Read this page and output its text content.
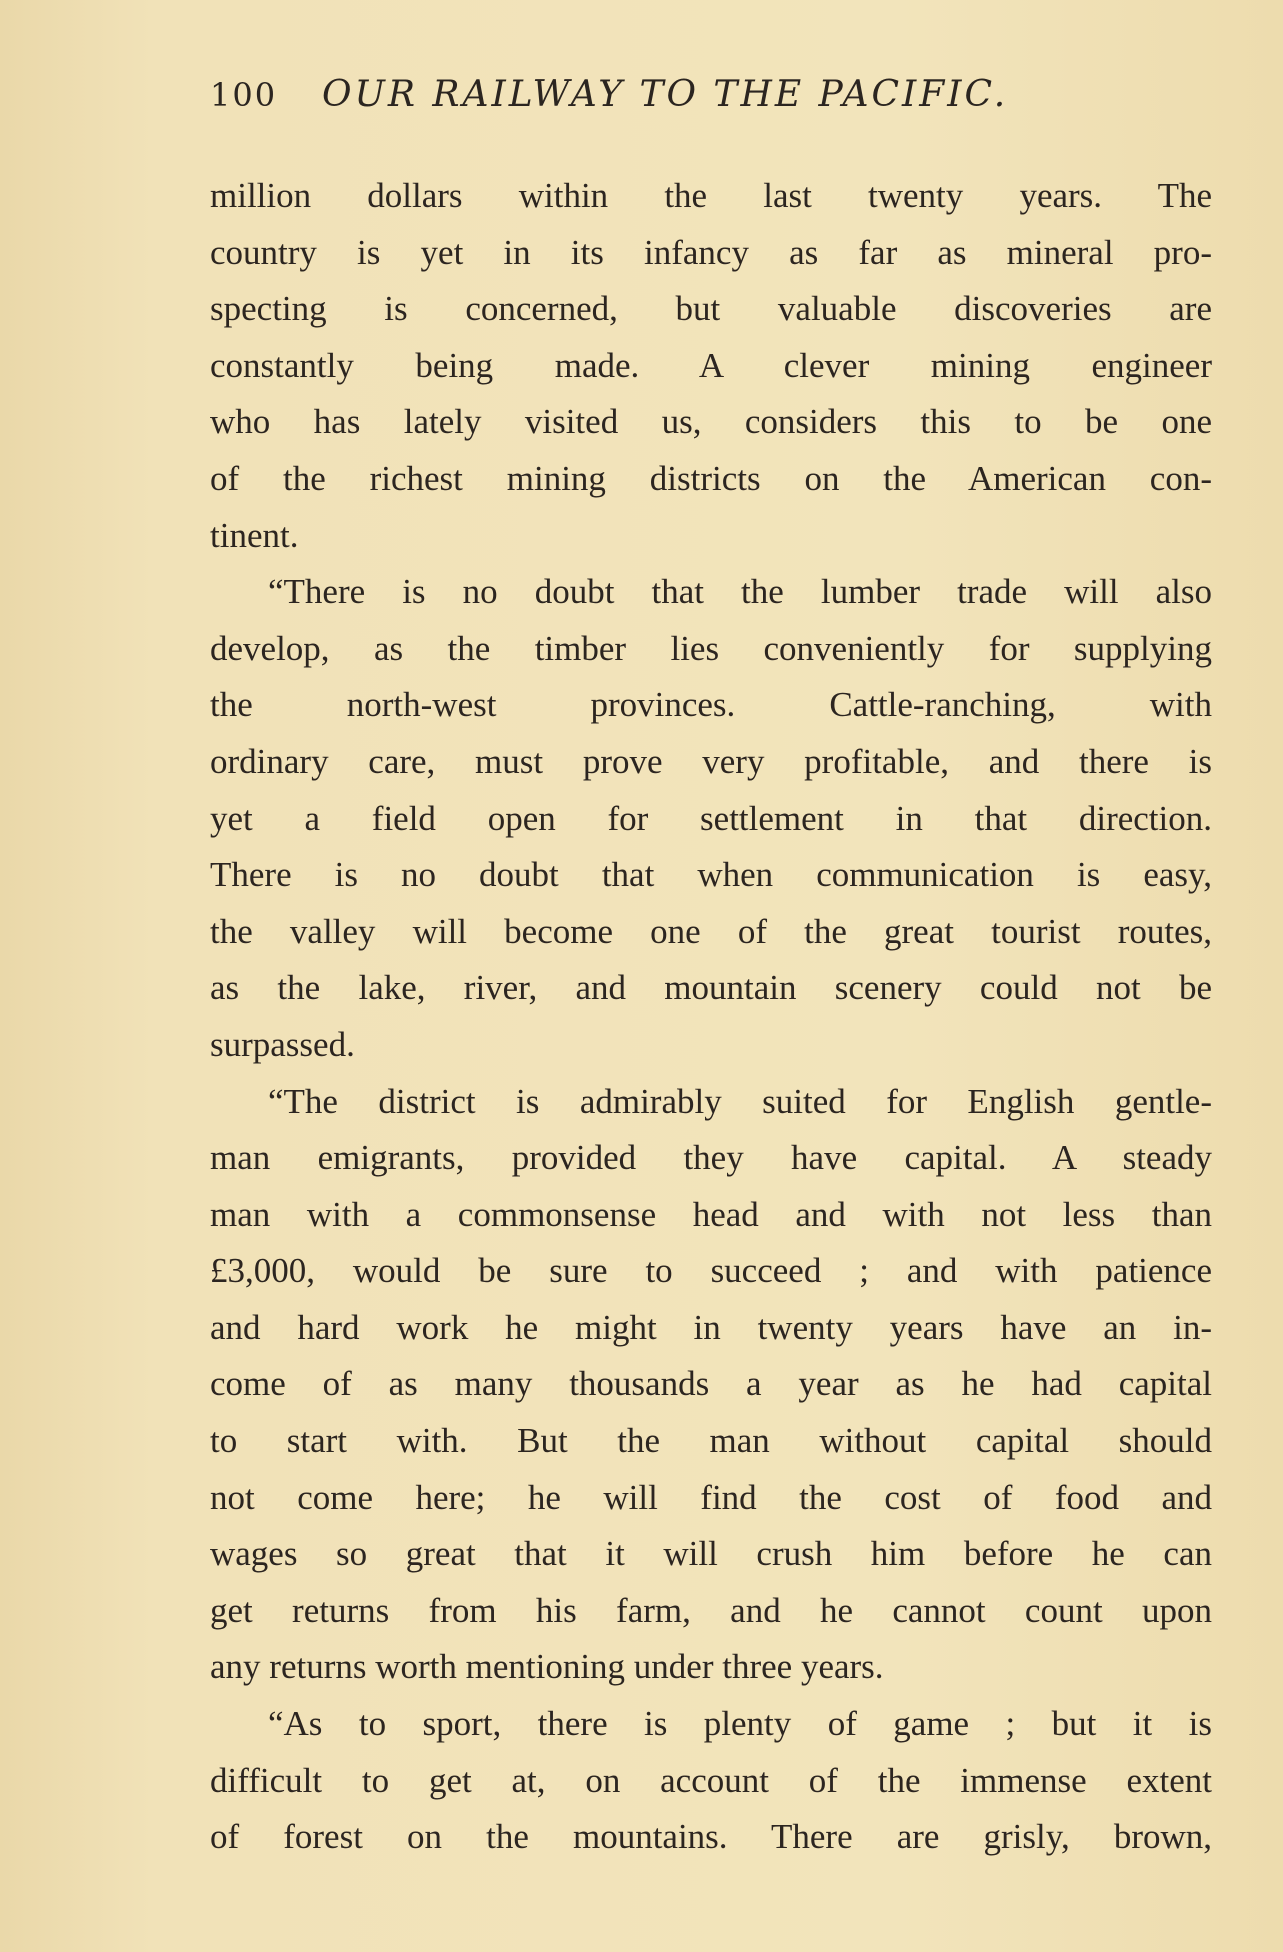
100 OUR RAILWAY TO THE PACIFIC.
million dollars within the last twenty years. The
country is yet in its infancy as far as mineral pro-
specting is concerned, but valuable discoveries are
constantly being made. A clever mining engineer
who has lately visited us, considers this to be one
of the richest mining districts on the American con-
tinent.
“There is no doubt that the lumber trade will also
develop, as the timber lies conveniently for supplying
the north-west provinces. Cattle-ranching, with
ordinary care, must prove very profitable, and there is
yet a field open for settlement in that direction.
There is no doubt that when communication is easy,
the valley will become one of the great tourist routes,
as the lake, river, and mountain scenery could not be
surpassed.
“The district is admirably suited for English gentle-
man emigrants, provided they have capital. A steady
man with a commonsense head and with not less than
£3,000, would be sure to succeed ; and with patience
and hard work he might in twenty years have an in-
come of as many thousands a year as he had capital
to start with. But the man without capital should
not come here; he will find the cost of food and
wages so great that it will crush him before he can
get returns from his farm, and he cannot count upon
any returns worth mentioning under three years.
“As to sport, there is plenty of game ; but it is
difficult to get at, on account of the immense extent
of forest on the mountains. There are grisly, brown,
